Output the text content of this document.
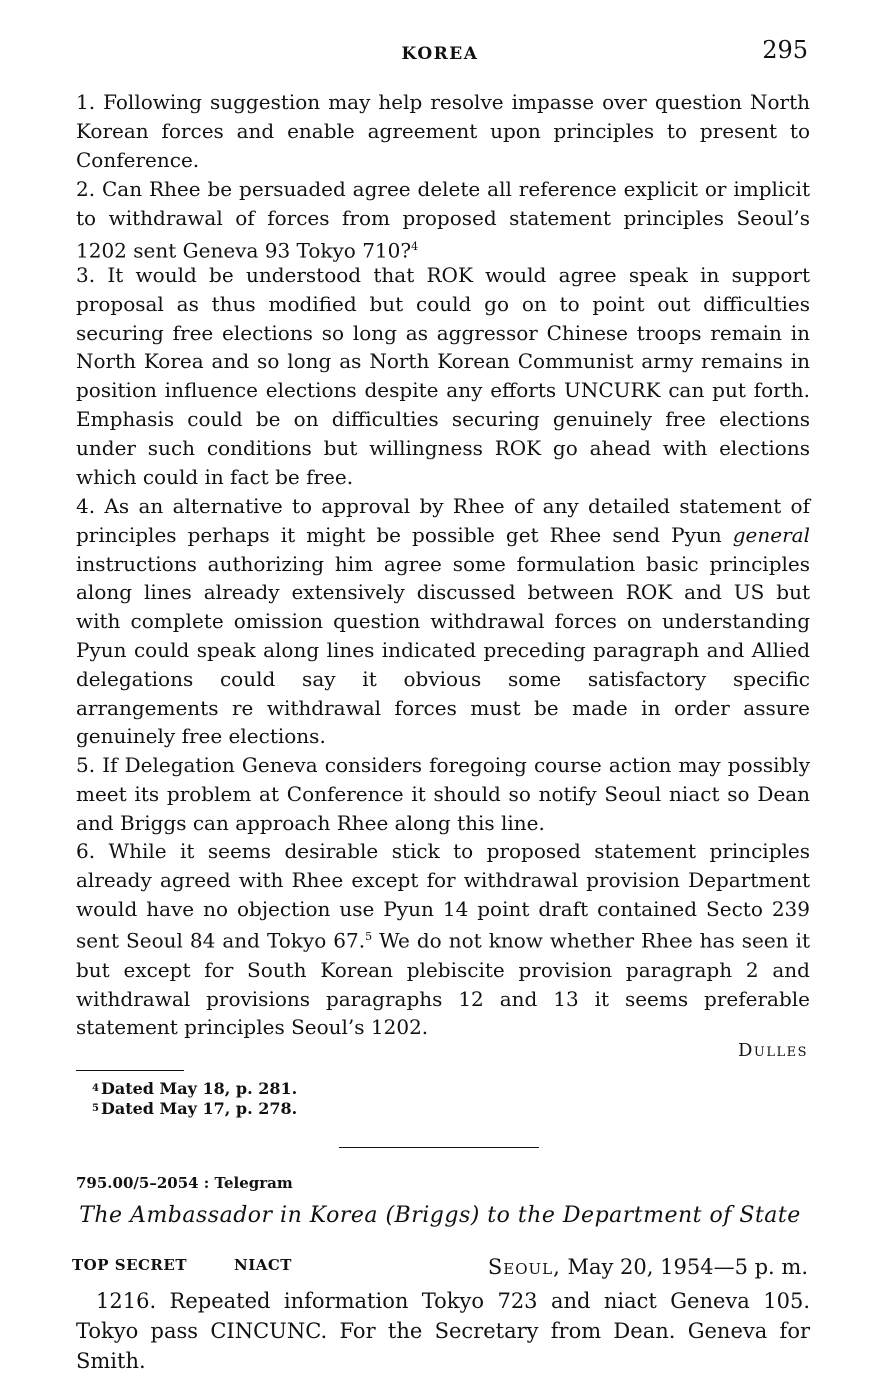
KOREA	295
1. Following suggestion may help resolve impasse over question North Korean forces and enable agreement upon principles to present to Conference.
2. Can Rhee be persuaded agree delete all reference explicit or implicit to withdrawal of forces from proposed statement principles Seoul’s 1202 sent Geneva 93 Tokyo 710?$^4$
3. It would be understood that ROK would agree speak in support proposal as thus modified but could go on to point out difficulties securing free elections so long as aggressor Chinese troops remain in North Korea and so long as North Korean Communist army remains in position influence elections despite any efforts UNCURK can put forth. Emphasis could be on difficulties securing genuinely free elections under such conditions but willingness ROK go ahead with elections which could in fact be free.
4. As an alternative to approval by Rhee of any detailed statement of principles perhaps it might be possible get Rhee send Pyun general instructions authorizing him agree some formulation basic principles along lines already extensively discussed between ROK and US but with complete omission question withdrawal forces on understanding Pyun could speak along lines indicated preceding paragraph and Allied delegations could say it obvious some satisfactory specific arrangements re withdrawal forces must be made in order assure genuinely free elections.
5. If Delegation Geneva considers foregoing course action may possibly meet its problem at Conference it should so notify Seoul niact so Dean and Briggs can approach Rhee along this line.
6. While it seems desirable stick to proposed statement principles already agreed with Rhee except for withdrawal provision Department would have no objection use Pyun 14 point draft contained Secto 239 sent Seoul 84 and Tokyo 67.$^5$ We do not know whether Rhee has seen it but except for South Korean plebiscite provision paragraph 2 and withdrawal provisions paragraphs 12 and 13 it seems preferable statement principles Seoul’s 1202.
Dulles
$^4$ Dated May 18, p. 281.
$^5$ Dated May 17, p. 278.
795.00/5–2054 : Telegram
The Ambassador in Korea (Briggs) to the Department of State
TOP SECRET	NIACT	Seoul, May 20, 1954—5 p. m.
1216. Repeated information Tokyo 723 and niact Geneva 105. Tokyo pass CINCUNC. For the Secretary from Dean. Geneva for Smith.
